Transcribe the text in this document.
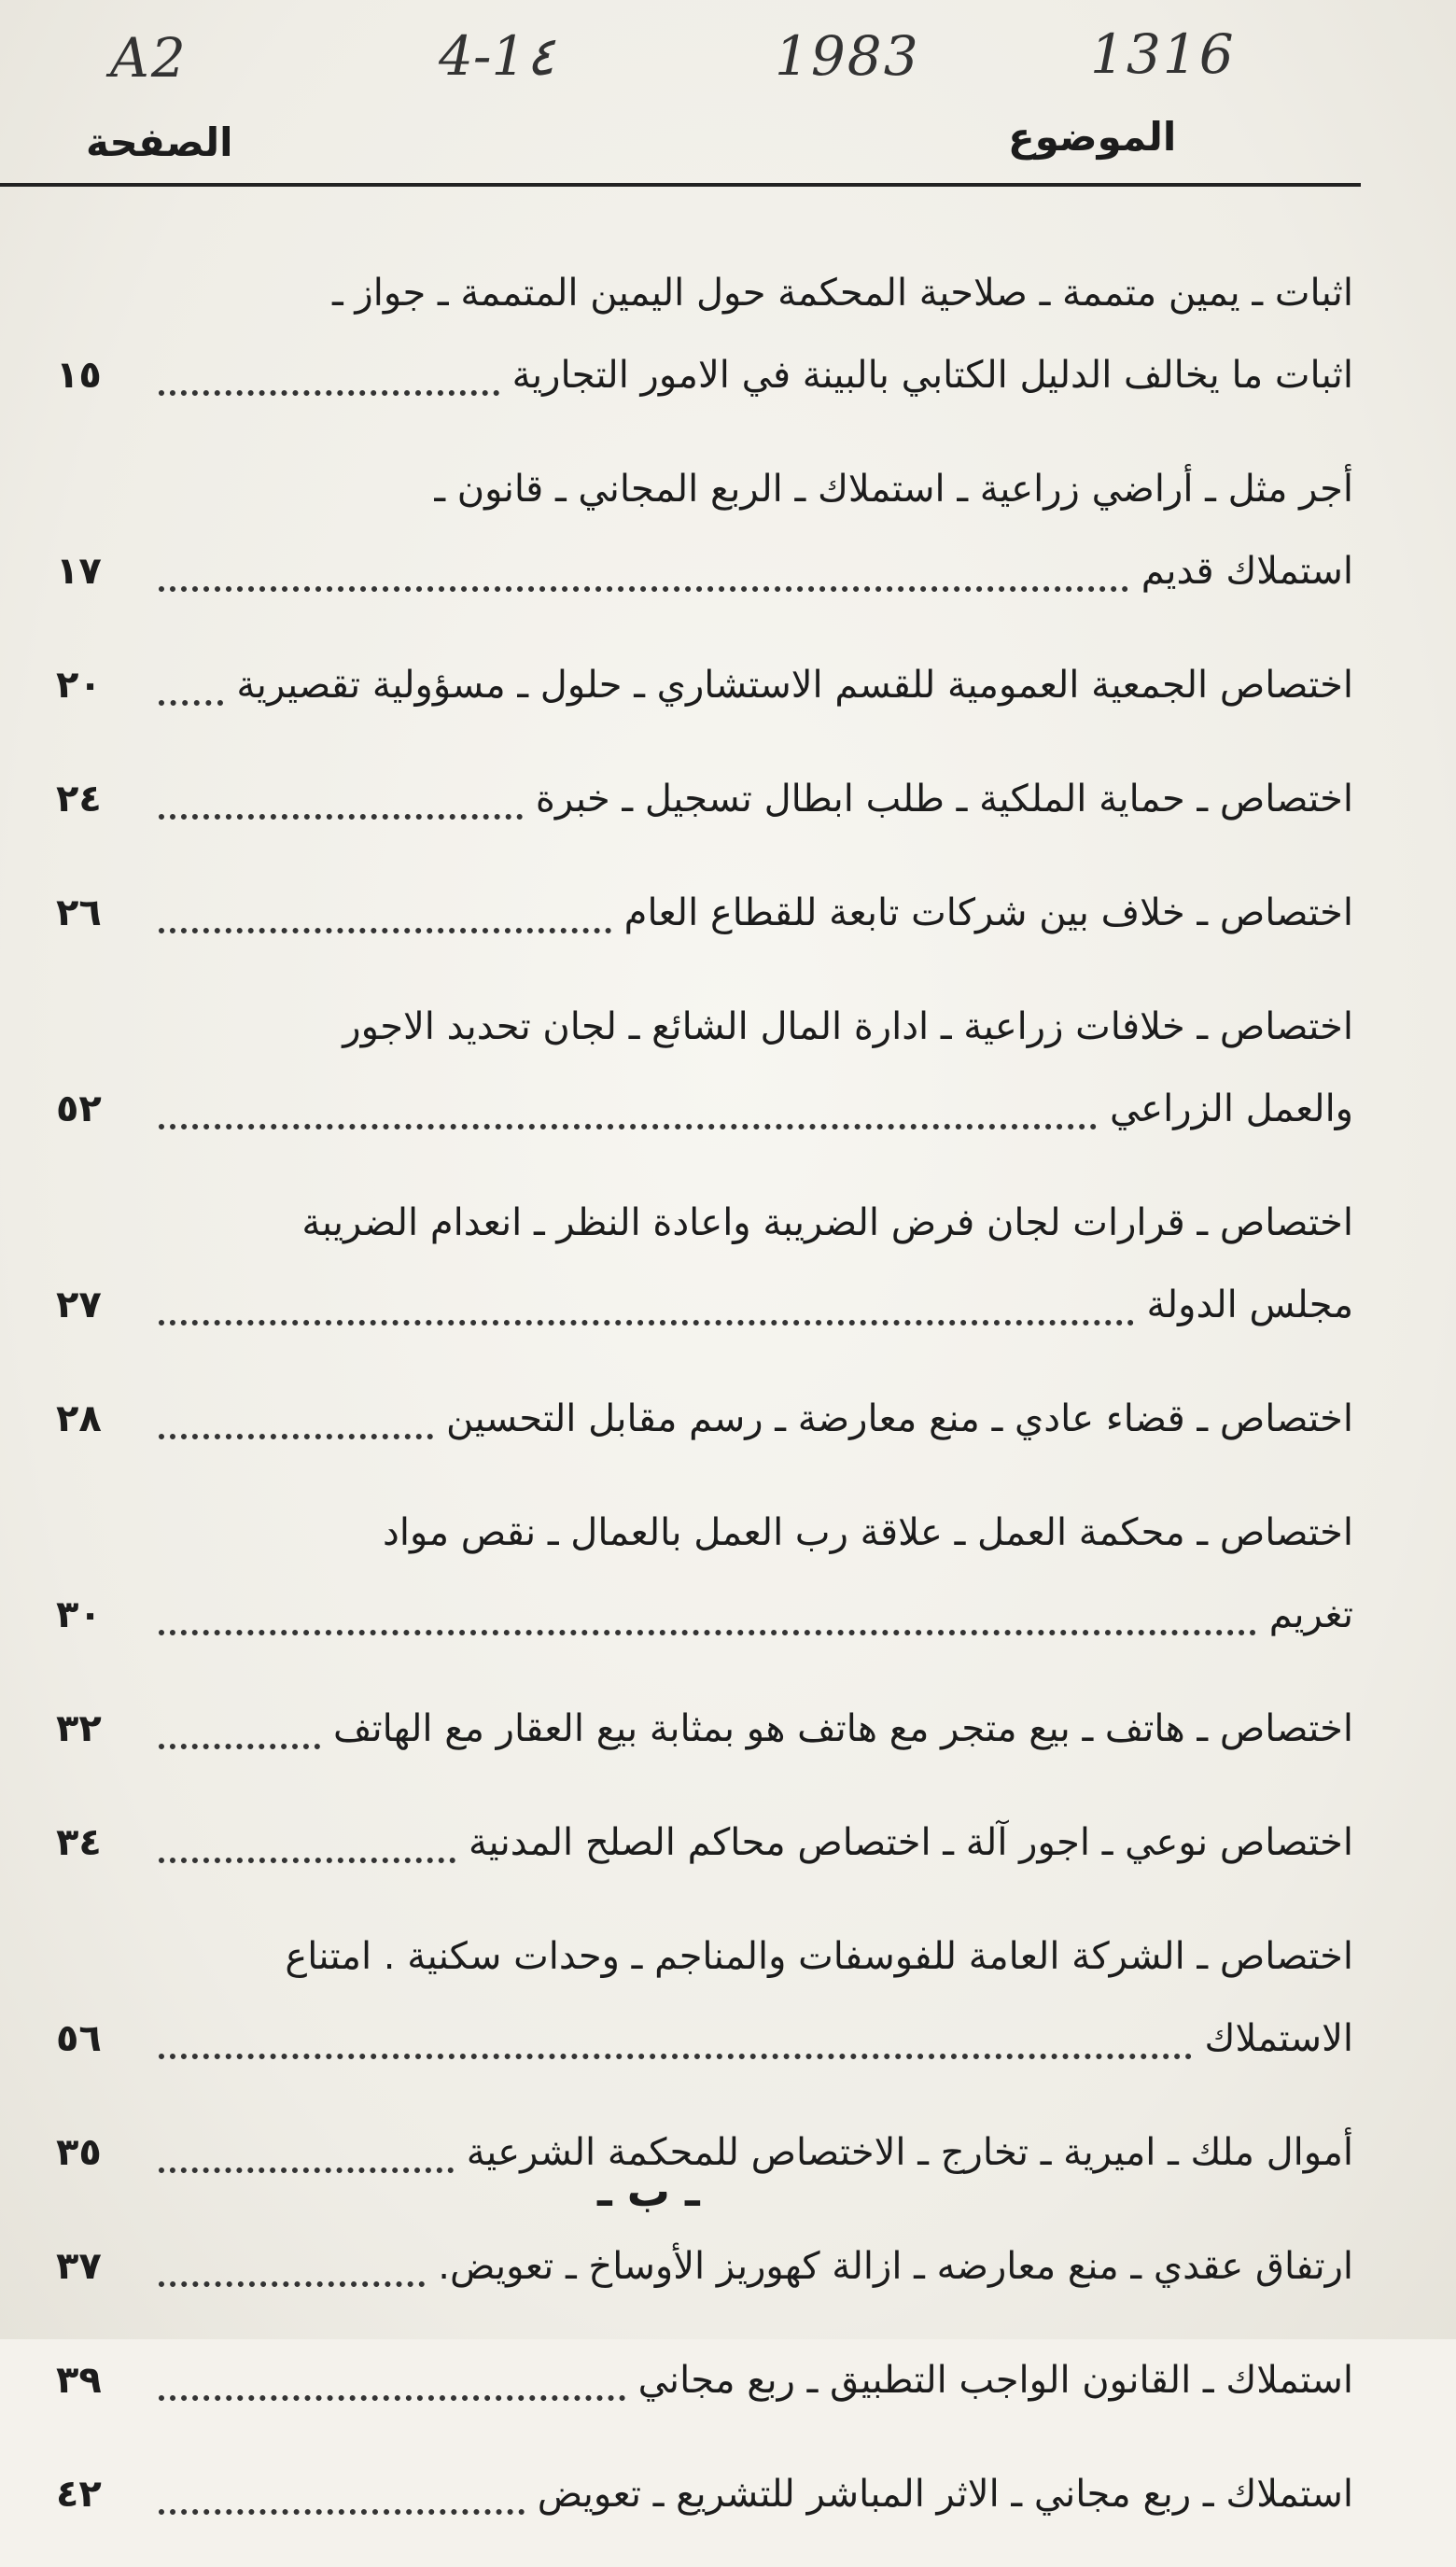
A2	4-1٤	1983	1316
الموضوع
الصفحة
اثبات ـ يمين متممة ـ صلاحية المحكمة حول اليمين المتممة ـ جواز ـ
اثبات ما يخالف الدليل الكتابي بالبينة في الامور التجارية
١٥
أجر مثل ـ أراضي زراعية ـ استملاك ـ الربع المجاني ـ قانون ـ
استملاك قديم
١٧
اختصاص الجمعية العمومية للقسم الاستشاري ـ حلول ـ مسؤولية تقصيرية
٢٠
اختصاص ـ حماية الملكية ـ طلب ابطال تسجيل ـ خبرة
٢٤
اختصاص ـ خلاف بين شركات تابعة للقطاع العام
٢٦
اختصاص ـ خلافات زراعية ـ ادارة المال الشائع ـ لجان تحديد الاجور
والعمل الزراعي
٥٢
اختصاص ـ قرارات لجان فرض الضريبة واعادة النظر ـ انعدام الضريبة
مجلس الدولة
٢٧
اختصاص ـ قضاء عادي ـ منع معارضة ـ رسم مقابل التحسين
٢٨
اختصاص ـ محكمة العمل ـ علاقة رب العمل بالعمال ـ نقص مواد
تغريم
٣٠
اختصاص ـ هاتف ـ بيع متجر مع هاتف هو بمثابة بيع العقار مع الهاتف
٣٢
اختصاص نوعي ـ اجور آلة ـ اختصاص محاكم الصلح المدنية
٣٤
اختصاص ـ الشركة العامة للفوسفات والمناجم ـ وحدات سكنية . امتناع
الاستملاك
٥٦
أموال ملك ـ اميرية ـ تخارج ـ الاختصاص للمحكمة الشرعية
٣٥
ارتفاق عقدي ـ منع معارضه ـ ازالة كهوريز الأوساخ ـ تعويض.
٣٧
استملاك ـ القانون الواجب التطبيق ـ ربع مجاني
٣٩
استملاك ـ ربع مجاني ـ الاثر المباشر للتشريع ـ تعويض
٤٢
ـ ب ـ
